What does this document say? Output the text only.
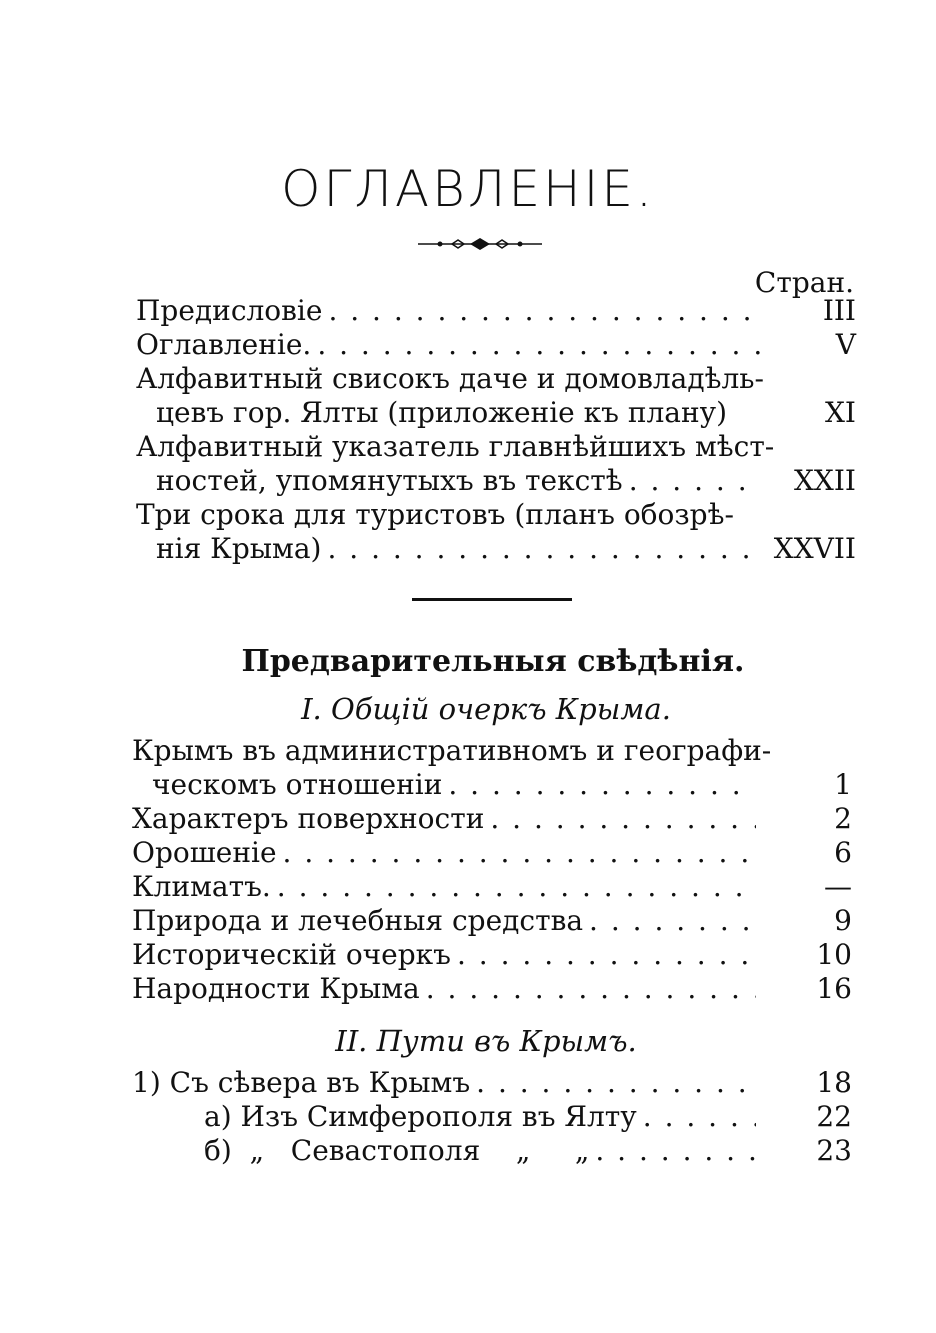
ОГЛАВЛЕНІЕ.
Стран.
Предисловіе . . .	III
Оглавленіе. . . .	V
Алфавитный свисокъ даче и домовладѣль-
цевъ гор. Ялты (приложеніе къ плану)	XI
Алфавитный указатель главнѣйшихъ мѣст-
ностей, упомянутыхъ въ текстѣ . . .	XXII
Три срока для туристовъ (планъ обозрѣ-
нія Крыма) . . .	XXVII
Предварительныя свѣдѣнія.
I. Общій очеркъ Крыма.
Крымъ въ административномъ и географи-
ческомъ отношеніи . . .	1
Характеръ поверхности . . .	2
Орошеніе . . .	6
Климатъ. . . .	—
Природа и лечебныя средства . . .	9
Историческій очеркъ . . .	10
Народности Крыма . . .	16
II. Пути въ Крымъ.
1) Съ сѣвера въ Крымъ . . .	18
а) Изъ Симферополя въ Ялту . . .	22
б)  „   Севастополя    „     „ . . .	23
